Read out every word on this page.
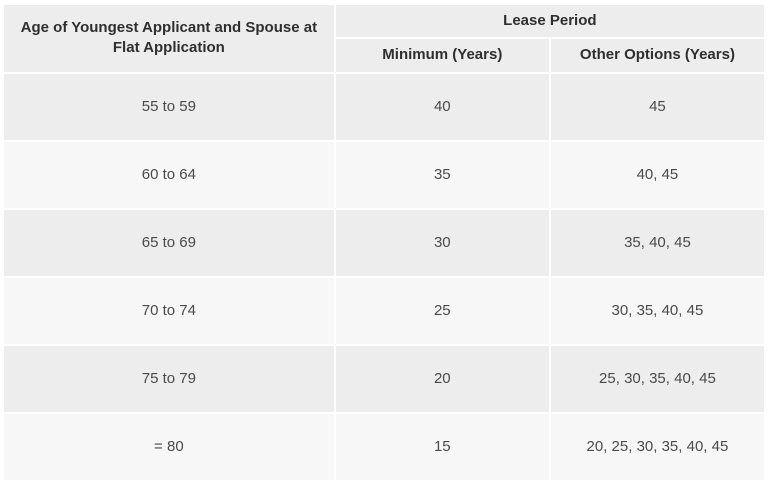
Age of Youngest Applicant and Spouse at Flat Application	Lease Period	
	Minimum (Years)	Other Options (Years)
55 to 59	40	45
60 to 64	35	40, 45
65 to 69	30	35, 40, 45
70 to 74	25	30, 35, 40, 45
75 to 79	20	25, 30, 35, 40, 45
= 80	15	20, 25, 30, 35, 40, 45
